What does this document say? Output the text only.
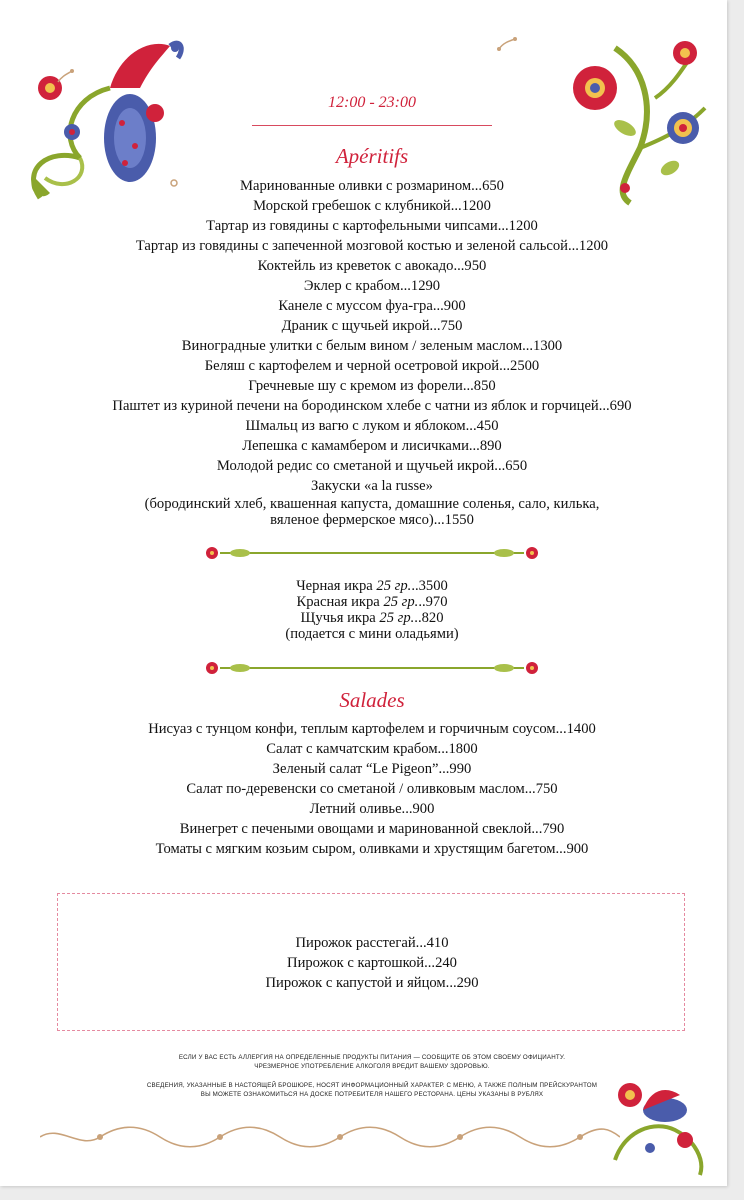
12:00 - 23:00
Apéritifs
Маринованные оливки с розмарином...650
Морской гребешок с клубникой...1200
Тартар из говядины с картофельными чипсами...1200
Тартар из говядины с запеченной мозговой костью и зеленой сальсой...1200
Коктейль из креветок с авокадо...950
Эклер с крабом...1290
Канеле с муссом фуа-гра...900
Драник с щучьей икрой...750
Виноградные улитки с белым вином / зеленым маслом...1300
Беляш с картофелем и черной осетровой икрой...2500
Гречневые шу с кремом из форели...850
Паштет из куриной печени на бородинском хлебе с чатни из яблок и горчицей...690
Шмальц из вагю с луком и яблоком...450
Лепешка с камамбером и лисичками...890
Молодой редис со сметаной и щучьей икрой...650
Закуски «a la russe»
(бородинский хлеб, квашенная капуста, домашние соленья, сало, килька,
вяленое фермерское мясо)...1550
Черная икра 25 гр...3500
Красная икра 25 гр...970
Щучья икра 25 гр...820
(подается с мини оладьями)
Salades
Нисуаз с тунцом конфи, теплым картофелем и горчичным соусом...1400
Салат с камчатским крабом...1800
Зеленый салат “Le Pigeon”...990
Салат по-деревенски со сметаной / оливковым маслом...750
Летний оливье...900
Винегрет с печеными овощами и маринованной свеклой...790
Томаты с мягким козьим сыром, оливками и хрустящим багетом...900
Пирожок расстегай...410
Пирожок с картошкой...240
Пирожок с капустой и яйцом...290
ЕСЛИ У ВАС ЕСТЬ АЛЛЕРГИЯ НА ОПРЕДЕЛЕННЫЕ ПРОДУКТЫ ПИТАНИЯ — СООБЩИТЕ ОБ ЭТОМ СВОЕМУ ОФИЦИАНТУ.
ЧРЕЗМЕРНОЕ УПОТРЕБЛЕНИЕ АЛКОГОЛЯ ВРЕДИТ ВАШЕМУ ЗДОРОВЬЮ.
СВЕДЕНИЯ, УКАЗАННЫЕ В НАСТОЯЩЕЙ БРОШЮРЕ, НОСЯТ ИНФОРМАЦИОННЫЙ ХАРАКТЕР. С МЕНЮ, А ТАКЖЕ ПОЛНЫМ ПРЕЙСКУРАНТОМ
ВЫ МОЖЕТЕ ОЗНАКОМИТЬСЯ НА ДОСКЕ ПОТРЕБИТЕЛЯ НАШЕГО РЕСТОРАНА. ЦЕНЫ УКАЗАНЫ В РУБЛЯХ
